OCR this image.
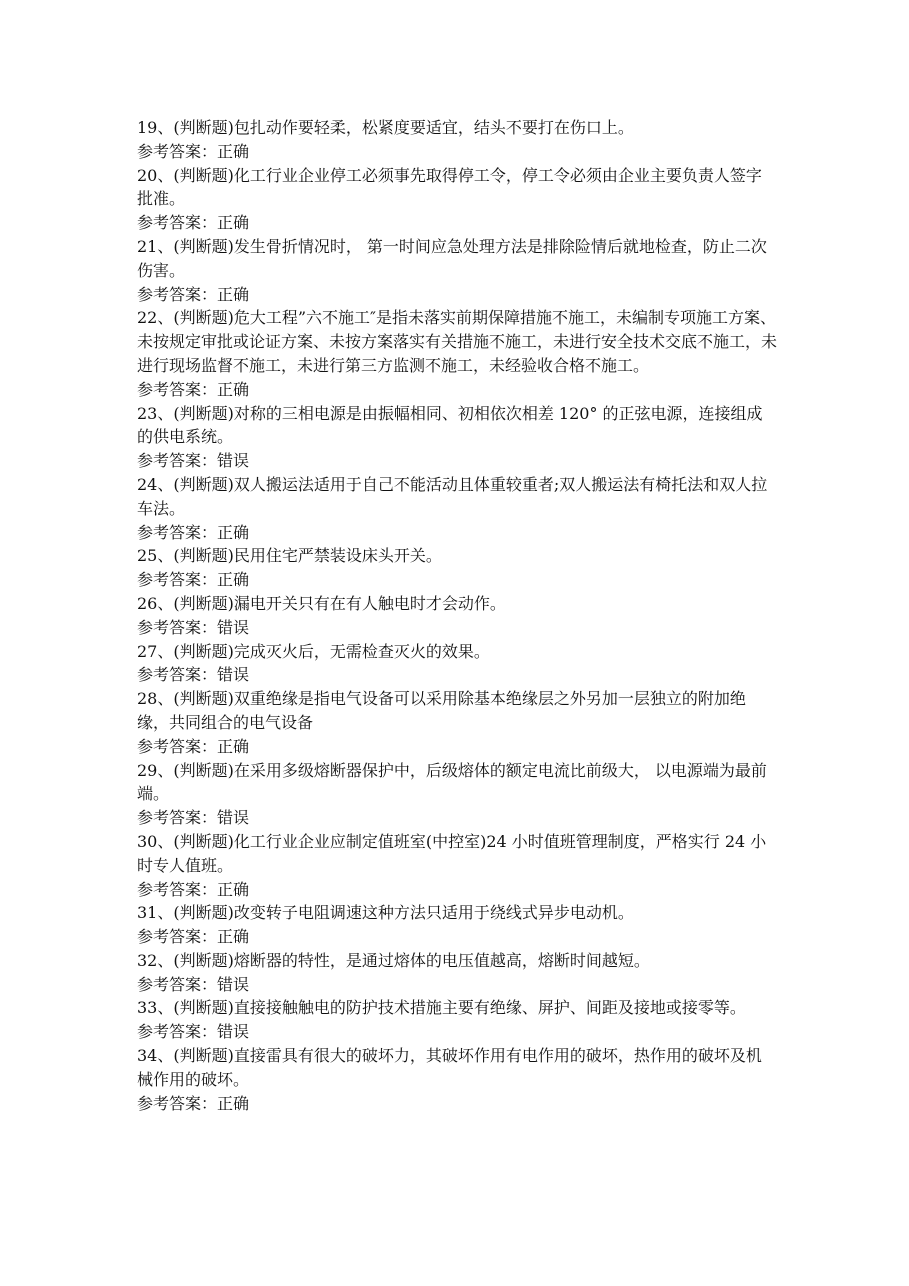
19、(判断题)包扎动作要轻柔，松紧度要适宜，结头不要打在伤口上。

参考答案：正确

20、(判断题)化工行业企业停工必须事先取得停工令，停工令必须由企业主要负责人签字批准。

参考答案：正确

21、(判断题)发生骨折情况时， 第一时间应急处理方法是排除险情后就地检查，防止二次伤害。

参考答案：正确

22、(判断题)危大工程”六不施工″是指未落实前期保障措施不施工，未编制专项施工方案、未按规定审批或论证方案、未按方案落实有关措施不施工，未进行安全技术交底不施工，未进行现场监督不施工，未进行第三方监测不施工，未经验收合格不施工。

参考答案：正确

23、(判断题)对称的三相电源是由振幅相同、初相依次相差 120° 的正弦电源，连接组成的供电系统。

参考答案：错误

24、(判断题)双人搬运法适用于自己不能活动且体重较重者;双人搬运法有椅托法和双人拉车法。

参考答案：正确

25、(判断题)民用住宅严禁装设床头开关。

参考答案：正确

26、(判断题)漏电开关只有在有人触电时才会动作。

参考答案：错误

27、(判断题)完成灭火后，无需检查灭火的效果。

参考答案：错误

28、(判断题)双重绝缘是指电气设备可以采用除基本绝缘层之外另加一层独立的附加绝缘，共同组合的电气设备

参考答案：正确

29、(判断题)在采用多级熔断器保护中，后级熔体的额定电流比前级大， 以电源端为最前端。

参考答案：错误

30、(判断题)化工行业企业应制定值班室(中控室)24 小时值班管理制度，严格实行 24 小时专人值班。

参考答案：正确

31、(判断题)改变转子电阻调速这种方法只适用于绕线式异步电动机。

参考答案：正确

32、(判断题)熔断器的特性，是通过熔体的电压值越高，熔断时间越短。

参考答案：错误

33、(判断题)直接接触触电的防护技术措施主要有绝缘、屏护、间距及接地或接零等。

参考答案：错误

34、(判断题)直接雷具有很大的破坏力，其破坏作用有电作用的破坏，热作用的破坏及机械作用的破坏。

参考答案：正确
